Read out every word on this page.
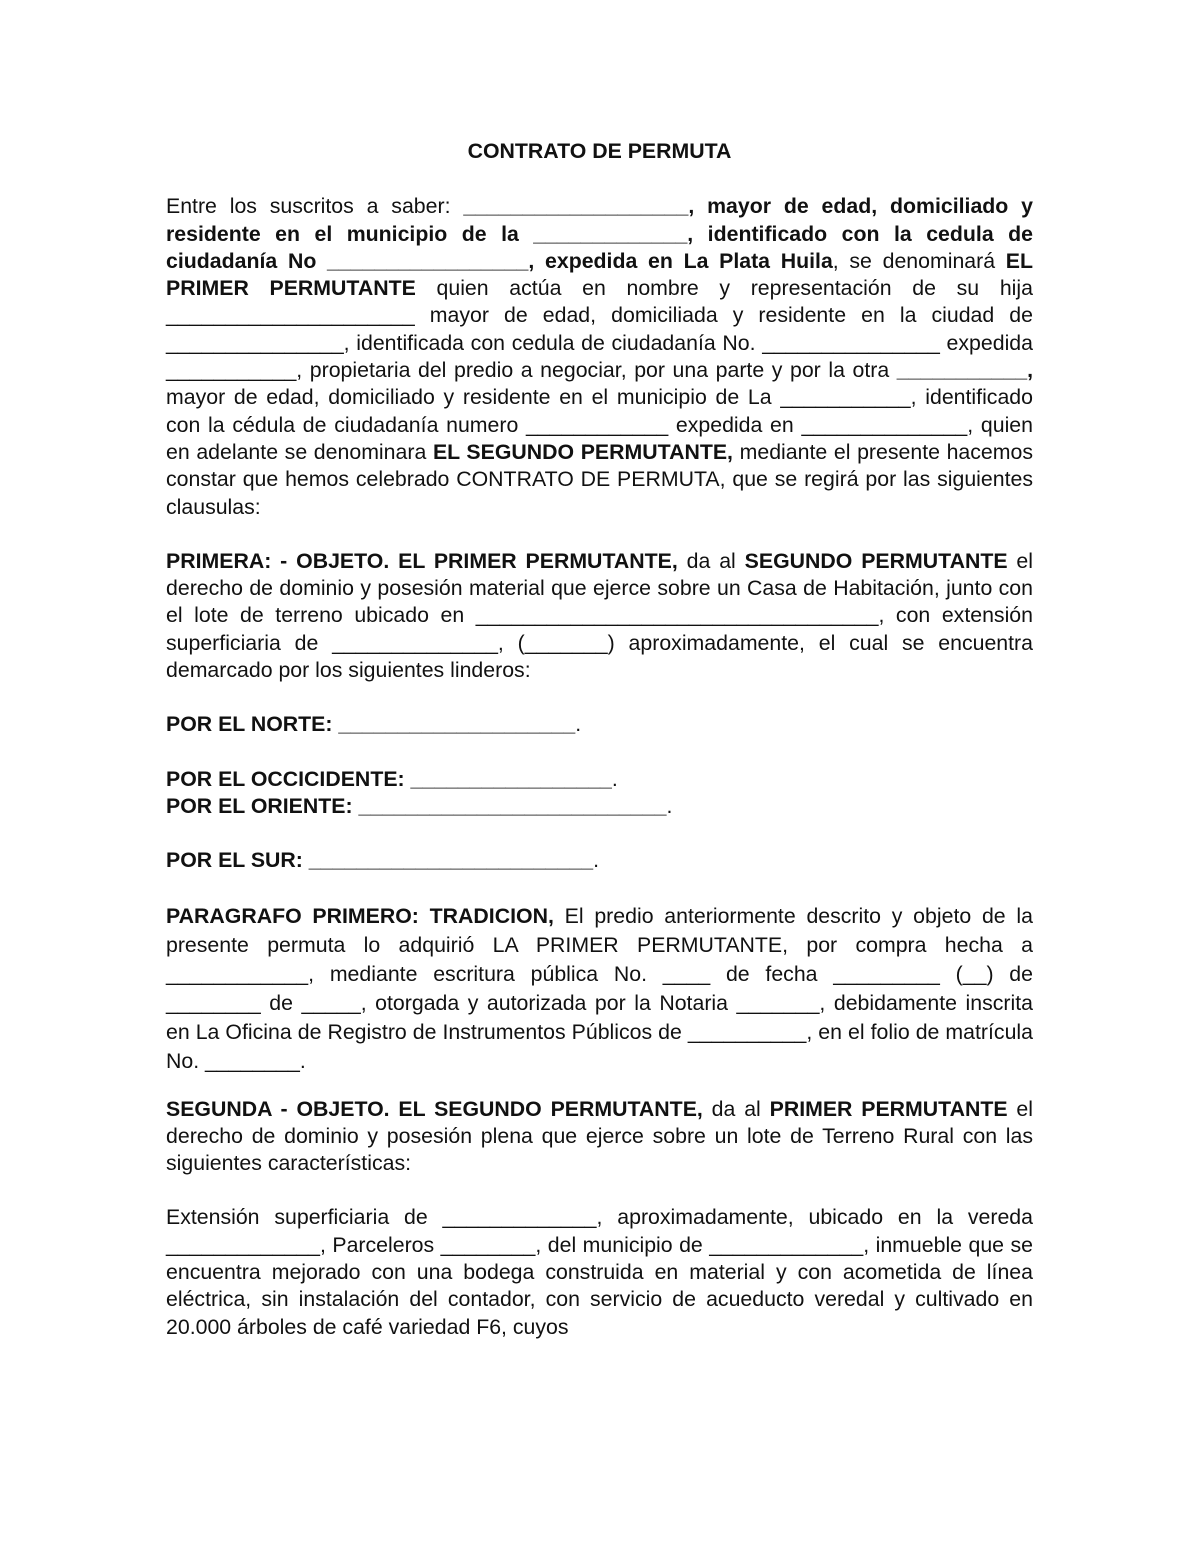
CONTRATO DE PERMUTA

Entre los suscritos a saber: ___________________, mayor de edad, domiciliado y residente en el municipio de la _____________, identificado con la cedula de ciudadanía No _________________, expedida en La Plata Huila, se denominará EL PRIMER PERMUTANTE quien actúa en nombre y representación de su hija _____________________ mayor de edad, domiciliada y residente en la ciudad de _______________, identificada con cedula de ciudadanía No. _______________ expedida ___________, propietaria del predio a negociar, por una parte y por la otra ___________, mayor de edad, domiciliado y residente en el municipio de La ___________, identificado con la cédula de ciudadanía numero ____________ expedida en ______________, quien en adelante se denominara EL SEGUNDO PERMUTANTE, mediante el presente hacemos constar que hemos celebrado CONTRATO DE PERMUTA, que se regirá por las siguientes clausulas:

PRIMERA: - OBJETO. EL PRIMER PERMUTANTE, da al SEGUNDO PERMUTANTE el derecho de dominio y posesión material que ejerce sobre un Casa de Habitación, junto con el lote de terreno ubicado en __________________________________, con extensión superficiaria de ______________, (_______) aproximadamente, el cual se encuentra demarcado por los siguientes linderos:

POR EL NORTE: ____________________.

POR EL OCCICIDENTE: _________________.

POR EL ORIENTE: __________________________.

POR EL SUR: ________________________.

PARAGRAFO PRIMERO: TRADICION, El predio anteriormente descrito y objeto de la presente permuta lo adquirió LA PRIMER PERMUTANTE, por compra hecha a ____________, mediante escritura pública No. ____ de fecha _________ (__) de ________ de _____, otorgada y autorizada por la Notaria _______, debidamente inscrita en La Oficina de Registro de Instrumentos Públicos de __________, en el folio de matrícula No. ________.

SEGUNDA - OBJETO. EL SEGUNDO PERMUTANTE, da al PRIMER PERMUTANTE el derecho de dominio y posesión plena que ejerce sobre un lote de Terreno Rural con las siguientes características:

Extensión superficiaria de _____________, aproximadamente, ubicado en la vereda _____________, Parceleros ________, del municipio de _____________, inmueble que se encuentra mejorado con una bodega construida en material y con acometida de línea eléctrica, sin instalación del contador, con servicio de acueducto veredal y cultivado en 20.000 árboles de café variedad F6, cuyos
